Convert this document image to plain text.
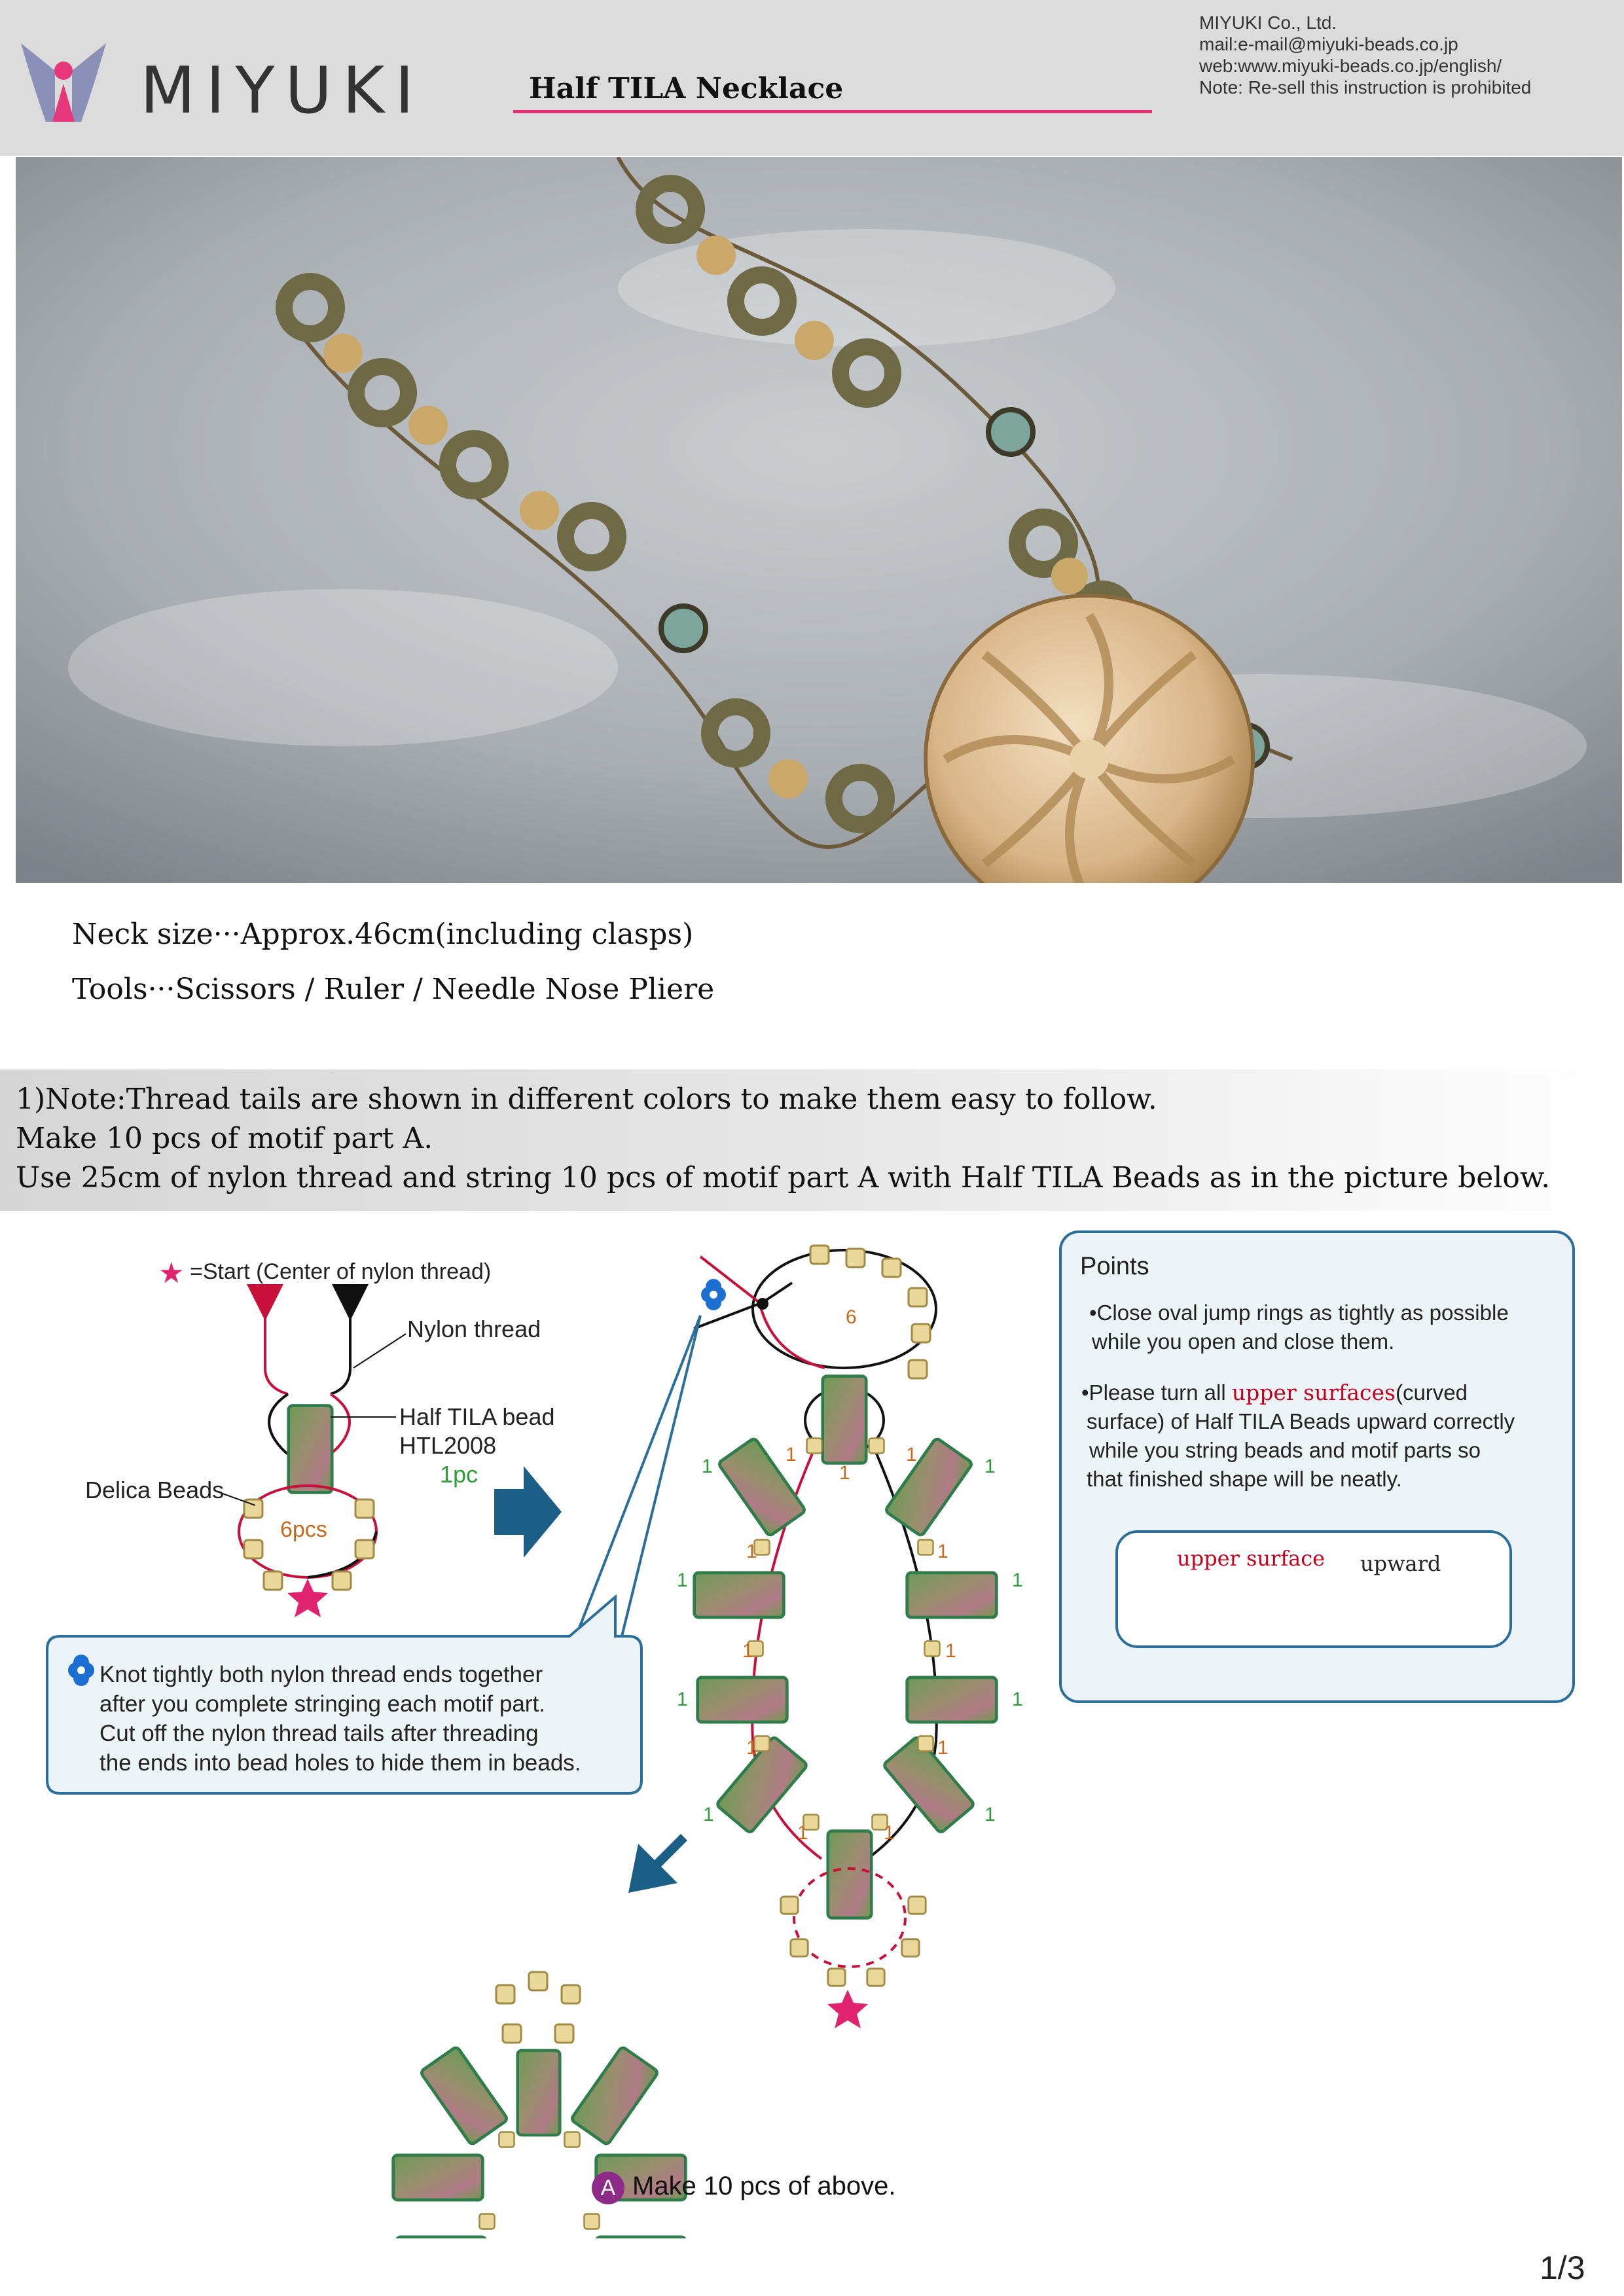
MIYUKI	Half TILA Necklace
MIYUKI Co., Ltd.
mail:e-mail@miyuki-beads.co.jp
web:www.miyuki-beads.co.jp/english/
Note: Re-sell this instruction is prohibited
Neck size···Approx.46cm(including clasps)
Tools···Scissors / Ruler / Needle Nose Pliere
1)Note:Thread tails are shown in different colors to make them easy to follow.
Make 10 pcs of motif part A.
Use 25cm of nylon thread and string 10 pcs of motif part A with Half TILA Beads as in the picture below.
★ =Start (Center of nylon thread)
Nylon thread
Half TILA bead
HTL2008
1pc
Delica Beads
6pcs
6
1	1
1	1
1
1	1
1	1
1	1
1	1
1	1
1	1
1	1
Knot tightly both nylon thread ends together
after you complete stringing each motif part.
Cut off the nylon thread tails after threading
the ends into bead holes to hide them in beads.
Points
•Close oval jump rings as tightly as possible
while you open and close them.
•Please turn all upper surfaces(curved
surface) of Half TILA Beads upward correctly
while you string beads and motif parts so
that finished shape will be neatly.
upper surface upward
A Make 10 pcs of above.
1/3
